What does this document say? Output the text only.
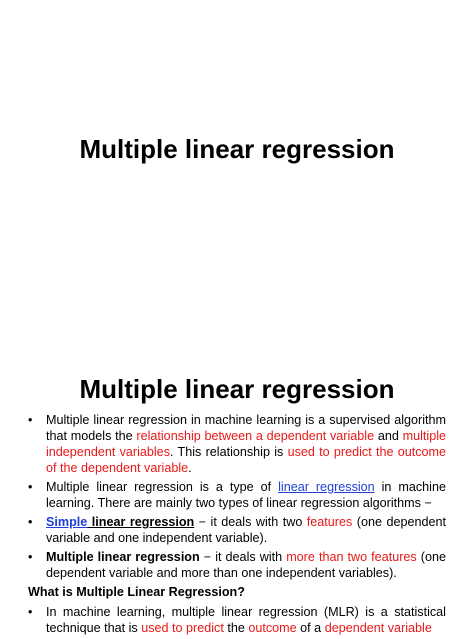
Multiple linear regression
Multiple linear regression
•	Multiple linear regression in machine learning is a supervised algorithm that models the relationship between a dependent variable and multiple independent variables. This relationship is used to predict the outcome of the dependent variable.
•	Multiple linear regression is a type of linear regression in machine learning. There are mainly two types of linear regression algorithms −
•	Simple linear regression − it deals with two features (one dependent variable and one independent variable).
•	Multiple linear regression − it deals with more than two features (one dependent variable and more than one independent variables).
What is Multiple Linear Regression?
•	In machine learning, multiple linear regression (MLR) is a statistical technique that is used to predict the outcome of a dependent variable
